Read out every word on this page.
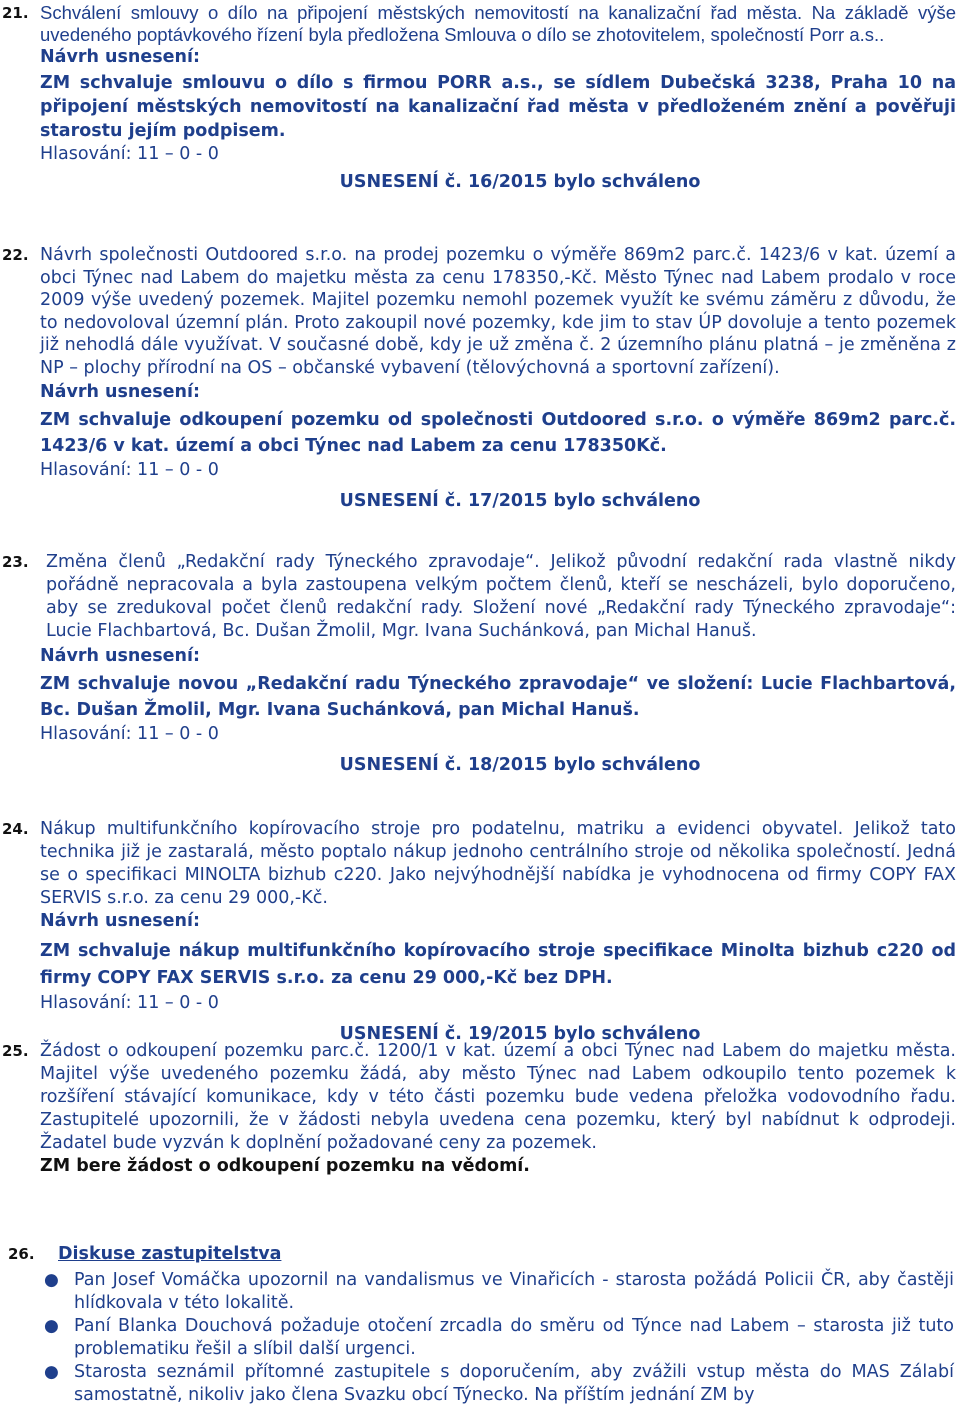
21. Schválení smlouvy o dílo na připojení městských nemovitostí na kanalizační řad města. Na základě výše uvedeného poptávkového řízení byla předložena Smlouva o dílo se zhotovitelem, společností Porr a.s..
Návrh usnesení:
ZM schvaluje smlouvu o dílo s firmou PORR a.s., se sídlem Dubečská 3238, Praha 10 na připojení městských nemovitostí na kanalizační řad města v předloženém znění a pověřuji starostu jejím podpisem.
Hlasování: 11 – 0 - 0
USNESENÍ č. 16/2015 bylo schváleno
22. Návrh společnosti Outdoored s.r.o. na prodej pozemku o výměře 869m2 parc.č. 1423/6 v kat. území a obci Týnec nad Labem do majetku města za cenu 178350,-Kč. Město Týnec nad Labem prodalo v roce 2009 výše uvedený pozemek. Majitel pozemku nemohl pozemek využít ke svému záměru z důvodu, že to nedovoloval územní plán. Proto zakoupil nové pozemky, kde jim to stav ÚP dovoluje a tento pozemek již nehodlá dále využívat. V současné době, kdy je už změna č. 2 územního plánu platná – je změněna z NP – plochy přírodní na OS – občanské vybavení (tělovýchovná a sportovní zařízení).
Návrh usnesení:
ZM schvaluje odkoupení pozemku od společnosti Outdoored s.r.o. o výměře 869m2 parc.č. 1423/6 v kat. území a obci Týnec nad Labem za cenu 178350Kč.
Hlasování: 11 – 0 - 0
USNESENÍ č. 17/2015 bylo schváleno
23. Změna členů „Redakční rady Týneckého zpravodaje“. Jelikož původní redakční rada vlastně nikdy pořádně nepracovala a byla zastoupena velkým počtem členů, kteří se nescházeli, bylo doporučeno, aby se zredukoval počet členů redakční rady. Složení nové „Redakční rady Týneckého zpravodaje“: Lucie Flachbartová, Bc. Dušan Žmolil, Mgr. Ivana Suchánková, pan Michal Hanuš.
Návrh usnesení:
ZM schvaluje novou „Redakční radu Týneckého zpravodaje“ ve složení: Lucie Flachbartová, Bc. Dušan Žmolil, Mgr. Ivana Suchánková, pan Michal Hanuš.
Hlasování: 11 – 0 - 0
USNESENÍ č. 18/2015 bylo schváleno
24. Nákup multifunkčního kopírovacího stroje pro podatelnu, matriku a evidenci obyvatel. Jelikož tato technika již je zastaralá, město poptalo nákup jednoho centrálního stroje od několika společností. Jedná se o specifikaci MINOLTA bizhub c220. Jako nejvýhodnější nabídka je vyhodnocena od firmy COPY FAX SERVIS s.r.o. za cenu 29 000,-Kč.
Návrh usnesení:
ZM schvaluje nákup multifunkčního kopírovacího stroje specifikace Minolta bizhub c220 od firmy COPY FAX SERVIS s.r.o. za cenu 29 000,-Kč bez DPH.
Hlasování: 11 – 0 - 0
USNESENÍ č. 19/2015 bylo schváleno
25. Žádost o odkoupení pozemku parc.č. 1200/1 v kat. území a obci Týnec nad Labem do majetku města. Majitel výše uvedeného pozemku žádá, aby město Týnec nad Labem odkoupilo tento pozemek k rozšíření stávající komunikace, kdy v této části pozemku bude vedena přeložka vodovodního řadu. Zastupitelé upozornili, že v žádosti nebyla uvedena cena pozemku, který byl nabídnut k odprodeji. Žadatel bude vyzván k doplnění požadované ceny za pozemek.
ZM bere žádost o odkoupení pozemku na vědomí.
26. Diskuse zastupitelstva
● Pan Josef Vomáčka upozornil na vandalismus ve Vinařicích - starosta požádá Policii ČR, aby častěji hlídkovala v této lokalitě.
● Paní Blanka Douchová požaduje otočení zrcadla do směru od Týnce nad Labem – starosta již tuto problematiku řešil a slíbil další urgenci.
● Starosta seznámil přítomné zastupitele s doporučením, aby zvážili vstup města do MAS Zálabí samostatně, nikoliv jako člena Svazku obcí Týnecko. Na příštím jednání ZM by
